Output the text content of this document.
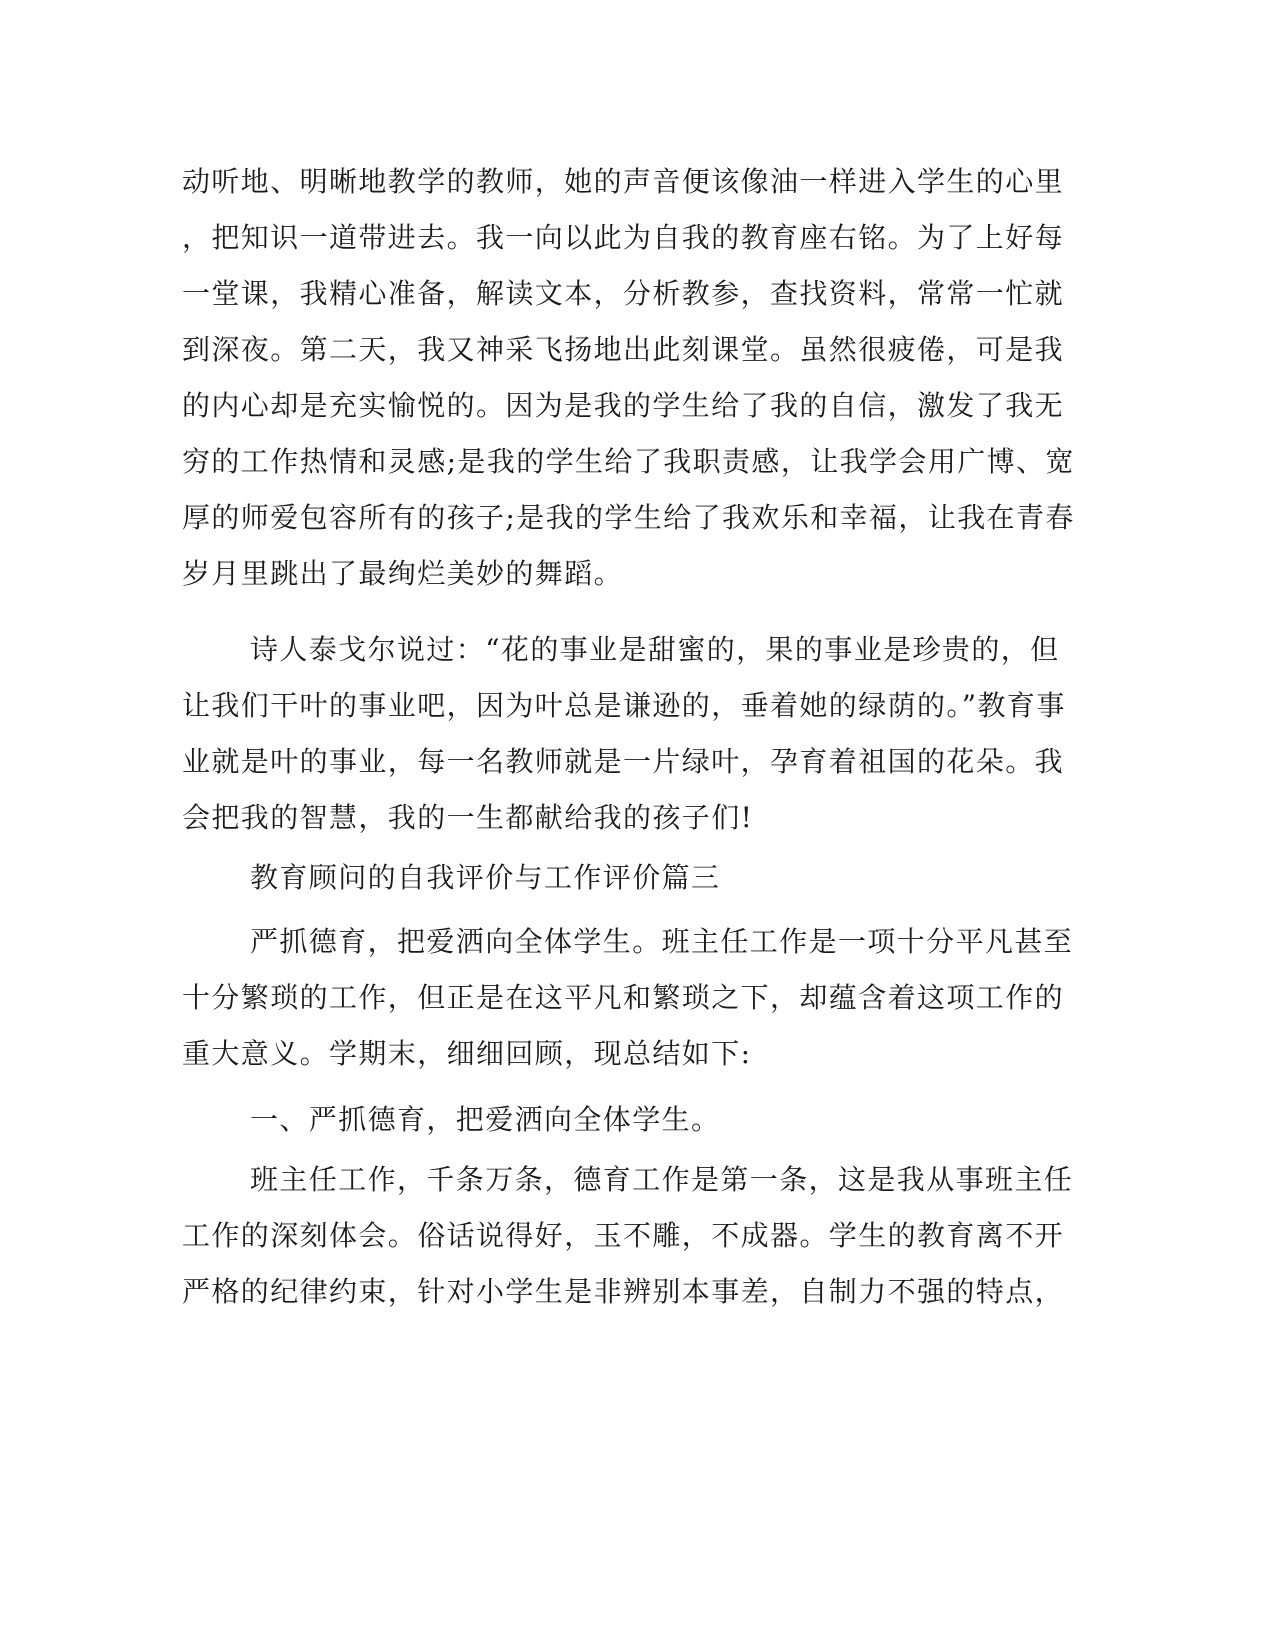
动听地、明晰地教学的教师，她的声音便该像油一样进入学生的心里
，把知识一道带进去。我一向以此为自我的教育座右铭。为了上好每
一堂课，我精心准备，解读文本，分析教参，查找资料，常常一忙就
到深夜。第二天，我又神采飞扬地出此刻课堂。虽然很疲倦，可是我
的内心却是充实愉悦的。因为是我的学生给了我的自信，激发了我无
穷的工作热情和灵感;是我的学生给了我职责感，让我学会用广博、宽
厚的师爱包容所有的孩子;是我的学生给了我欢乐和幸福，让我在青春
岁月里跳出了最绚烂美妙的舞蹈。
诗人泰戈尔说过：“花的事业是甜蜜的，果的事业是珍贵的，但
让我们干叶的事业吧，因为叶总是谦逊的，垂着她的绿荫的。”教育事
业就是叶的事业，每一名教师就是一片绿叶，孕育着祖国的花朵。我
会把我的智慧，我的一生都献给我的孩子们!
教育顾问的自我评价与工作评价篇三
严抓德育，把爱洒向全体学生。班主任工作是一项十分平凡甚至
十分繁琐的工作，但正是在这平凡和繁琐之下，却蕴含着这项工作的
重大意义。学期末，细细回顾，现总结如下:
一、严抓德育，把爱洒向全体学生。
班主任工作，千条万条，德育工作是第一条，这是我从事班主任
工作的深刻体会。俗话说得好，玉不雕，不成器。学生的教育离不开
严格的纪律约束，针对小学生是非辨别本事差，自制力不强的特点，
